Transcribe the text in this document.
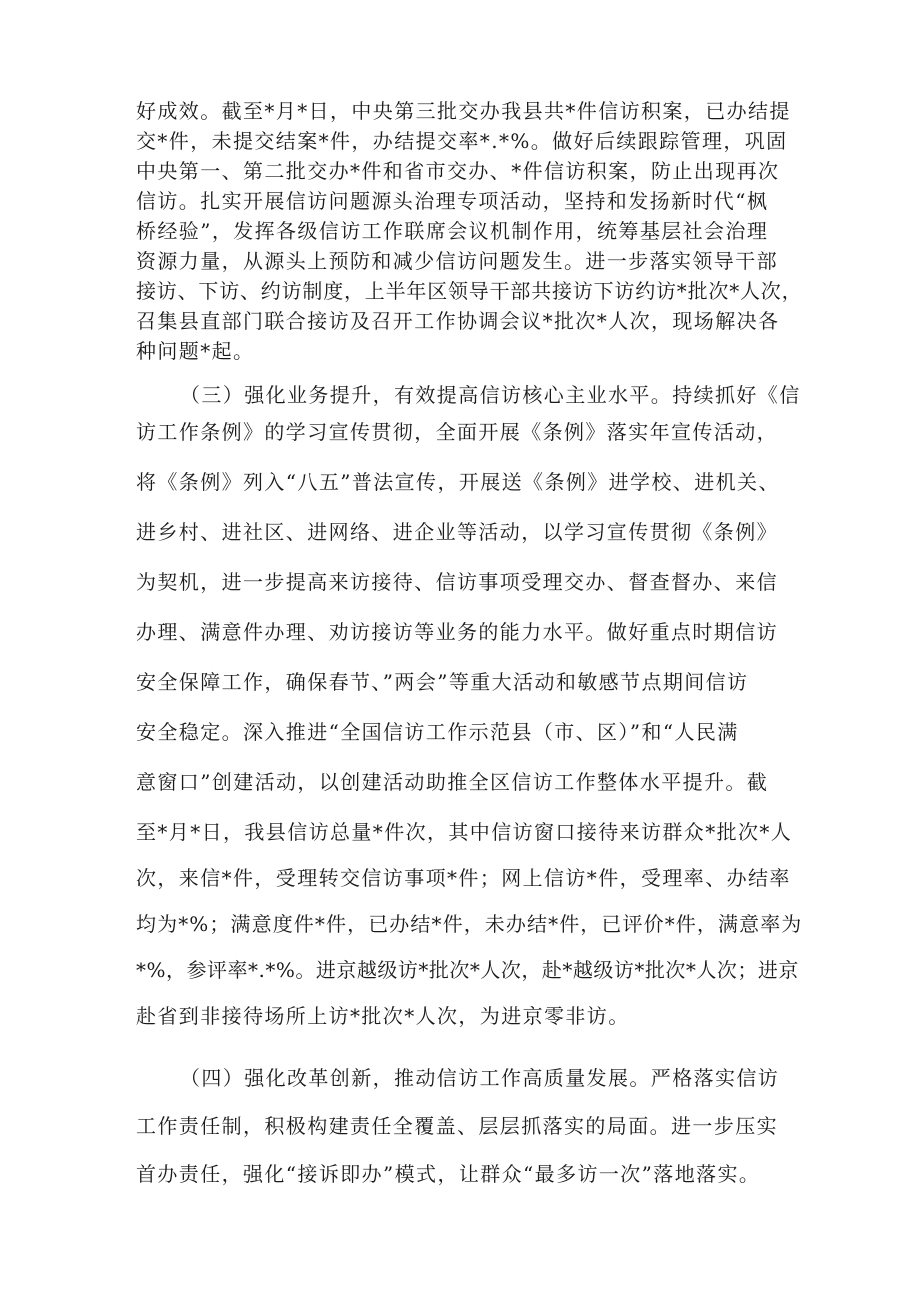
好成效。截至*月*日，中央第三批交办我县共*件信访积案，已办结提
交*件，未提交结案*件，办结提交率*.*%。做好后续跟踪管理，巩固
中央第一、第二批交办*件和省市交办、*件信访积案，防止出现再次
信访。扎实开展信访问题源头治理专项活动，坚持和发扬新时代“枫
桥经验”，发挥各级信访工作联席会议机制作用，统筹基层社会治理
资源力量，从源头上预防和减少信访问题发生。进一步落实领导干部
接访、下访、约访制度，上半年区领导干部共接访下访约访*批次*人次，
召集县直部门联合接访及召开工作协调会议*批次*人次，现场解决各
种问题*起。
（三）强化业务提升，有效提高信访核心主业水平。持续抓好《信
访工作条例》的学习宣传贯彻，全面开展《条例》落实年宣传活动，
将《条例》列入“八五”普法宣传，开展送《条例》进学校、进机关、
进乡村、进社区、进网络、进企业等活动，以学习宣传贯彻《条例》
为契机，进一步提高来访接待、信访事项受理交办、督查督办、来信
办理、满意件办理、劝访接访等业务的能力水平。做好重点时期信访
安全保障工作，确保春节、”两会”等重大活动和敏感节点期间信访
安全稳定。深入推进“全国信访工作示范县（市、区）”和“人民满
意窗口”创建活动，以创建活动助推全区信访工作整体水平提升。截
至*月*日，我县信访总量*件次，其中信访窗口接待来访群众*批次*人
次，来信*件，受理转交信访事项*件；网上信访*件，受理率、办结率
均为*%；满意度件*件，已办结*件，未办结*件，已评价*件，满意率为
*%，参评率*.*%。进京越级访*批次*人次，赴*越级访*批次*人次；进京
赴省到非接待场所上访*批次*人次，为进京零非访。
（四）强化改革创新，推动信访工作高质量发展。严格落实信访
工作责任制，积极构建责任全覆盖、层层抓落实的局面。进一步压实
首办责任，强化“接诉即办”模式，让群众“最多访一次”落地落实。
